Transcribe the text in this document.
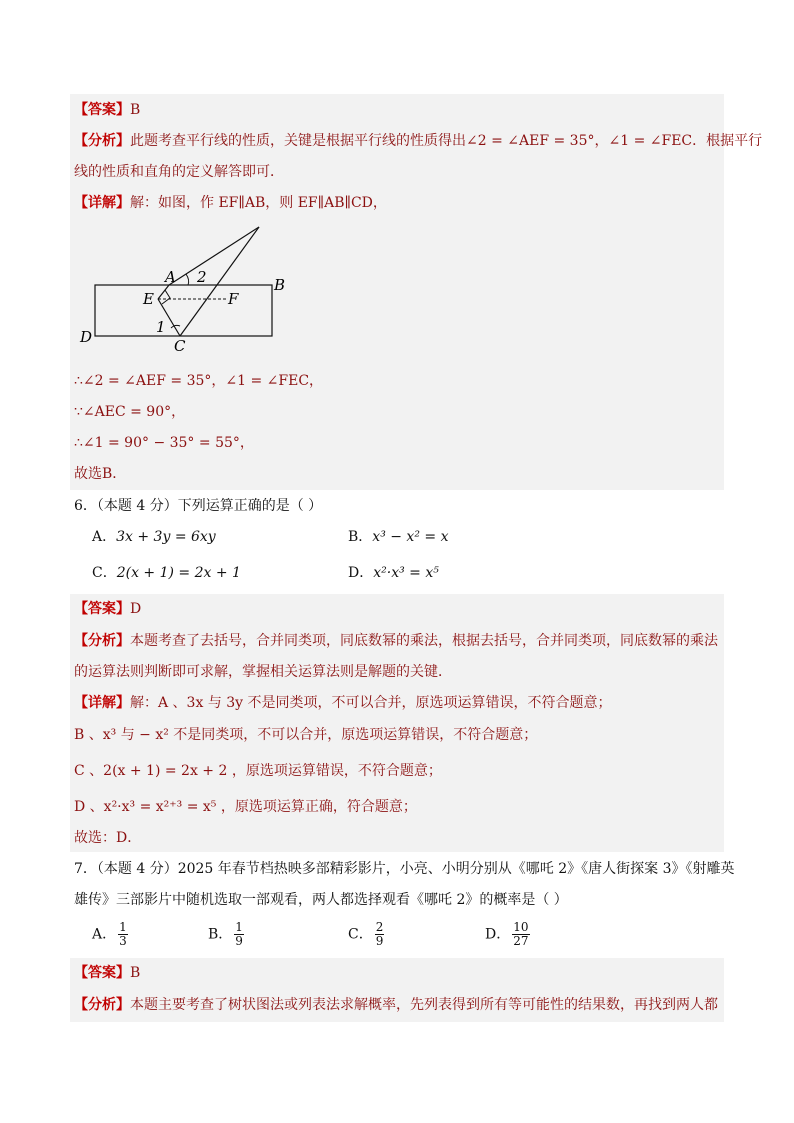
【答案】B
【分析】此题考查平行线的性质，关键是根据平行线的性质得出∠2 = ∠AEF = 35°，∠1 = ∠FEC．根据平行
线的性质和直角的定义解答即可．
【详解】解：如图，作 EF∥AB，则 EF∥AB∥CD，
A 2	B
E	F
1
D	C
∴∠2 = ∠AEF = 35°，∠1 = ∠FEC，
∵∠AEC = 90°，
∴∠1 = 90° − 35° = 55°，
故选B．
6．（本题 4 分）下列运算正确的是（ ）
A．3x + 3y = 6xy	B．x³ − x² = x
C．2(x + 1) = 2x + 1	D．x²·x³ = x⁵
【答案】D
【分析】本题考查了去括号，合并同类项，同底数幂的乘法，根据去括号，合并同类项，同底数幂的乘法
的运算法则判断即可求解，掌握相关运算法则是解题的关键．
【详解】解：A 、3x 与 3y 不是同类项，不可以合并，原选项运算错误，不符合题意；
B 、x³ 与 − x² 不是同类项，不可以合并，原选项运算错误，不符合题意；
C 、2(x + 1) = 2x + 2 ，原选项运算错误，不符合题意；
D 、x²·x³ = x²⁺³ = x⁵ ，原选项运算正确，符合题意；
故选：D．
7．（本题 4 分）2025 年春节档热映多部精彩影片，小亮、小明分别从《哪吒 2》《唐人街探案 3》《射雕英
雄传》三部影片中随机选取一部观看，两人都选择观看《哪吒 2》的概率是（ ）
A． $\frac{1}{3}$	B． $\frac{1}{9}$	C． $\frac{2}{9}$	D． $\frac{10}{27}$
【答案】B
【分析】本题主要考查了树状图法或列表法求解概率，先列表得到所有等可能性的结果数，再找到两人都
